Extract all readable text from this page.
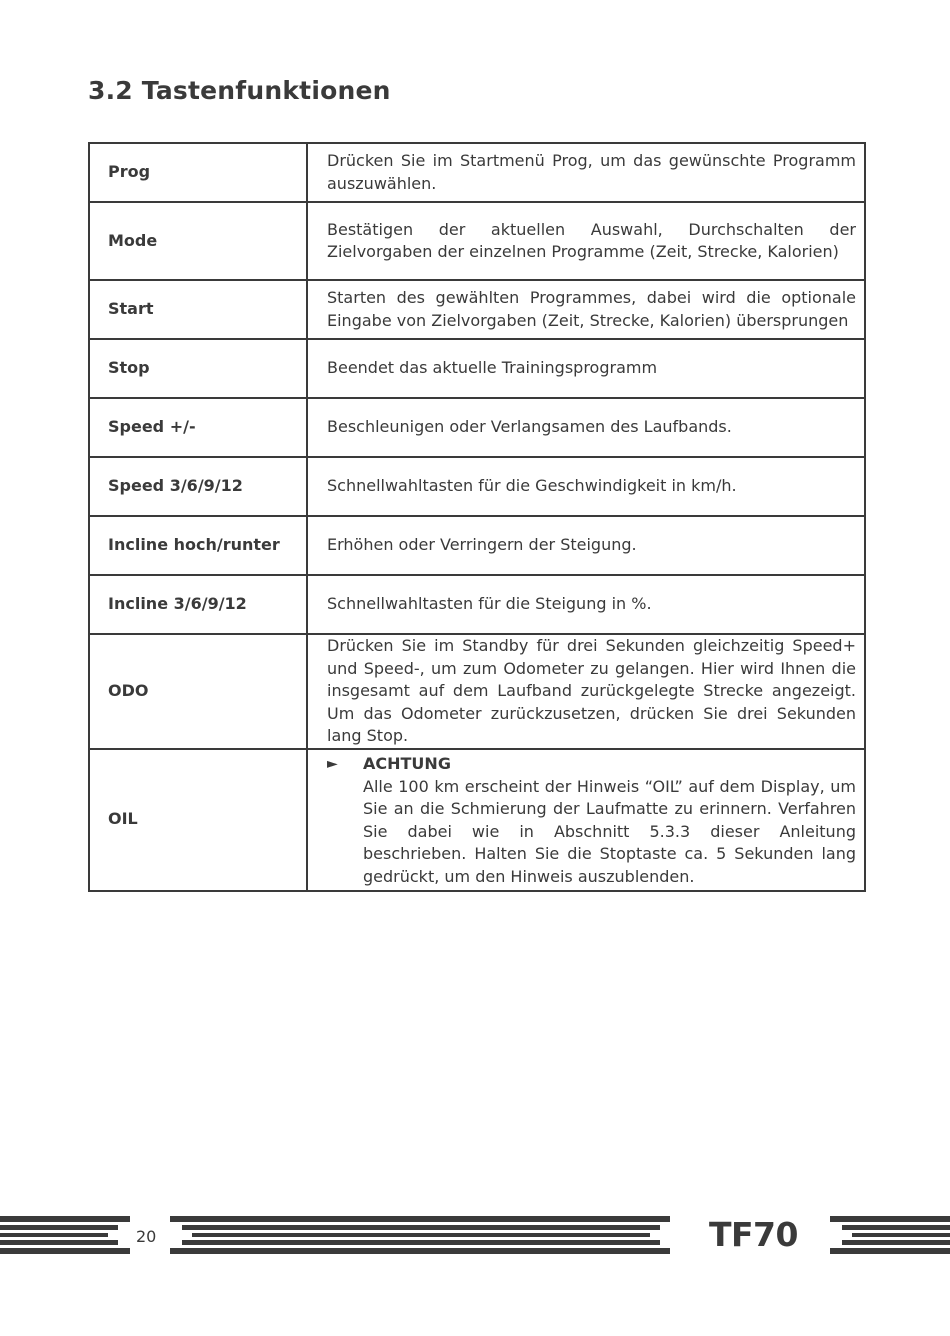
3.2 Tastenfunktionen
Prog	Drücken Sie im Startmenü Prog, um das gewünschte Programm auszuwählen.
Mode	Bestätigen der aktuellen Auswahl, Durchschalten der Zielvorgaben der einzelnen Programme (Zeit, Strecke, Kalorien)
Start	Starten des gewählten Programmes, dabei wird die optionale Eingabe von Zielvorgaben (Zeit, Strecke, Kalorien) übersprungen
Stop	Beendet das aktuelle Trainingsprogramm
Speed +/-	Beschleunigen oder Verlangsamen des Laufbands.
Speed 3/6/9/12	Schnellwahltasten für die Geschwindigkeit in km/h.
Incline hoch/runter	Erhöhen oder Verringern der Steigung.
Incline 3/6/9/12	Schnellwahltasten für die Steigung in %.
ODO	Drücken Sie im Standby für drei Sekunden gleichzeitig Speed+ und Speed-, um zum Odometer zu gelangen. Hier wird Ihnen die insgesamt auf dem Laufband zurückgelegte Strecke angezeigt. Um das Odometer zurückzusetzen, drücken Sie drei Sekunden lang Stop.
OIL	► ACHTUNG
Alle 100 km erscheint der Hinweis “OIL” auf dem Display, um Sie an die Schmierung der Laufmatte zu erinnern. Verfahren Sie dabei wie in Abschnitt 5.3.3 dieser Anleitung beschrieben. Halten Sie die Stoptaste ca. 5 Sekunden lang gedrückt, um den Hinweis auszublenden.
20	TF70
